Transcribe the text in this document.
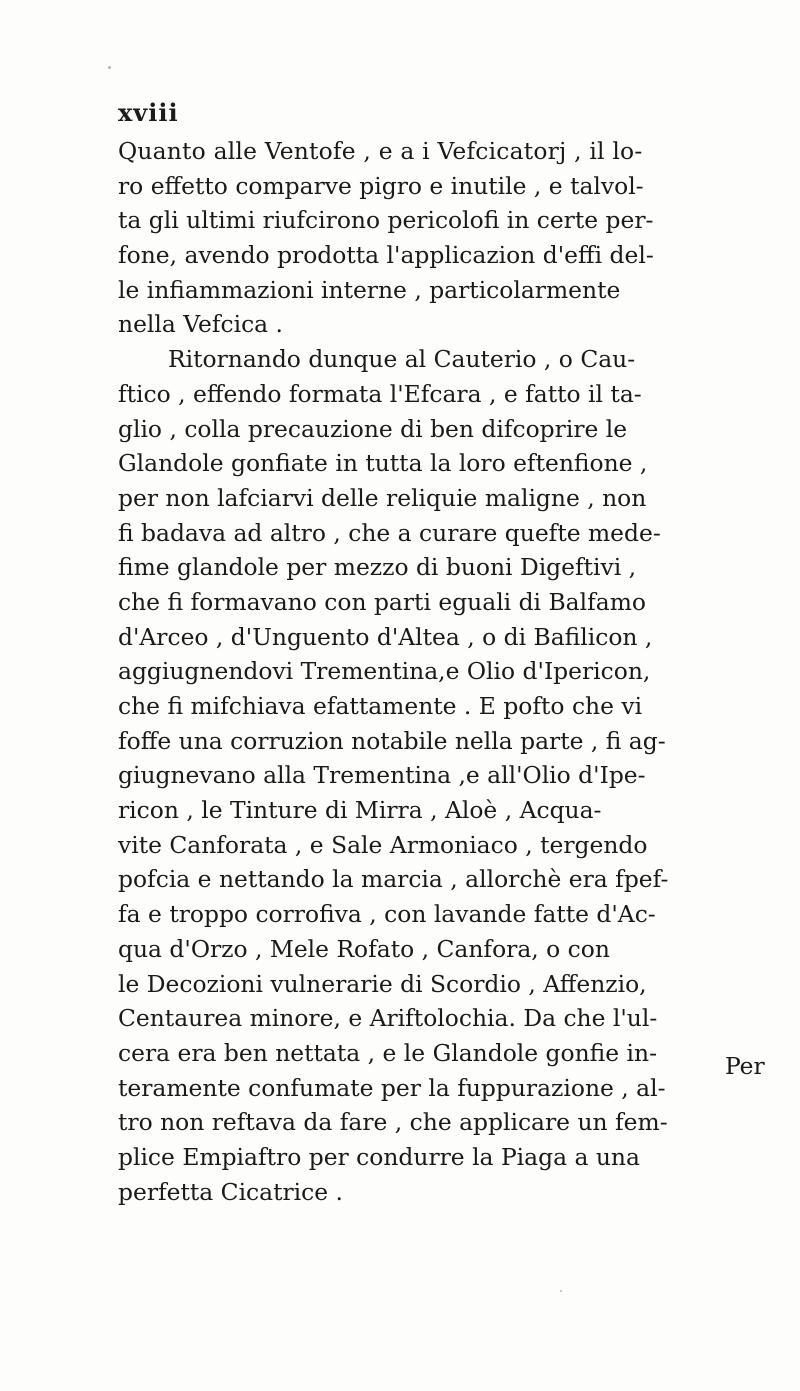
xviii
Quanto alle Ventofe , e a i Vefcicatorj , il lo-
ro effetto comparve pigro e inutile , e talvol-
ta gli ultimi riufcirono pericolofi in certe per-
fone, avendo prodotta l'applicazion d'effi del-
le infiammazioni interne , particolarmente
nella Vefcica .
Ritornando dunque al Cauterio , o Cau-
ftico , effendo formata l'Efcara , e fatto il ta-
glio , colla precauzione di ben difcoprire le
Glandole gonfiate in tutta la loro eftenfione ,
per non lafciarvi delle reliquie maligne , non
fi badava ad altro , che a curare quefte mede-
fime glandole per mezzo di buoni Digeftivi ,
che fi formavano con parti eguali di Balfamo
d'Arceo , d'Unguento d'Altea , o di Bafilicon ,
aggiugnendovi Trementina,e Olio d'Ipericon,
che fi mifchiava efattamente . E pofto che vi
foffe una corruzion notabile nella parte , fi ag-
giugnevano alla Trementina ,e all'Olio d'Ipe-
ricon , le Tinture di Mirra , Aloè , Acqua-
vite Canforata , e Sale Armoniaco , tergendo
pofcia e nettando la marcia , allorchè era fpef-
fa e troppo corrofiva , con lavande fatte d'Ac-
qua d'Orzo , Mele Rofato , Canfora, o con
le Decozioni vulnerarie di Scordio , Affenzio,
Centaurea minore, e Ariftolochia. Da che l'ul-
cera era ben nettata , e le Glandole gonfie in-
teramente confumate per la fuppurazione , al-
tro non reftava da fare , che applicare un fem-
plice Empiaftro per condurre la Piaga a una
perfetta Cicatrice .
Per
